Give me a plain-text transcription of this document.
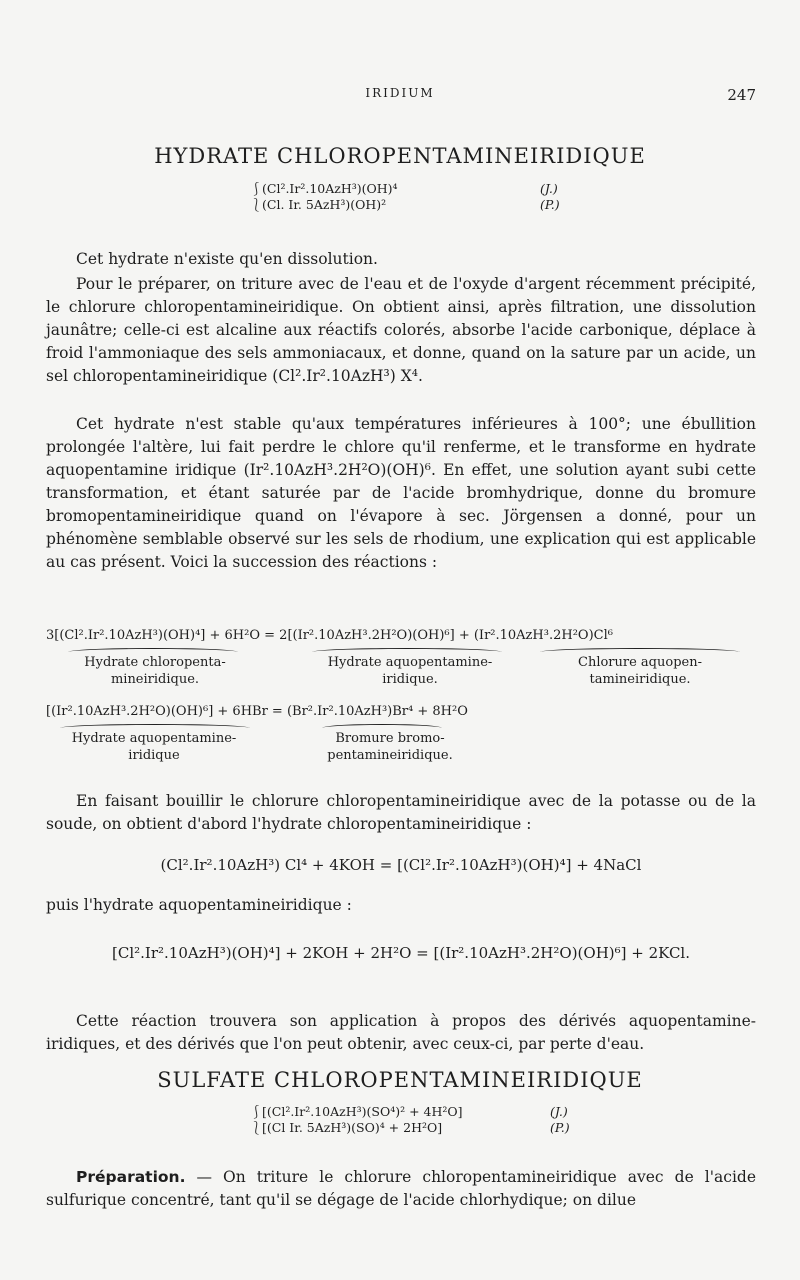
IRIDIUM	247
HYDRATE CHLOROPENTAMINEIRIDIQUE
⎰ (Cl².Ir².10AzH³)(OH)⁴	(J.)
⎱ (Cl. Ir. 5AzH³)(OH)²	(P.)
Cet hydrate n'existe qu'en dissolution.
Pour le préparer, on triture avec de l'eau et de l'oxyde d'argent récemment précipité, le chlorure chloropentamineiridique. On obtient ainsi, après filtration, une dissolution jaunâtre; celle-ci est alcaline aux réactifs colorés, absorbe l'acide carbonique, déplace à froid l'ammoniaque des sels ammoniacaux, et donne, quand on la sature par un acide, un sel chloropentamineiridique (Cl².Ir².10AzH³) X⁴.
Cet hydrate n'est stable qu'aux températures inférieures à 100°; une ébullition prolongée l'altère, lui fait perdre le chlore qu'il renferme, et le transforme en hydrate aquopentamine iridique (Ir².10AzH³.2H²O)(OH)⁶. En effet, une solution ayant subi cette transformation, et étant saturée par de l'acide bromhydrique, donne du bromure bromopentamineiridique quand on l'évapore à sec. Jörgensen a donné, pour un phénomène semblable observé sur les sels de rhodium, une explication qui est applicable au cas présent. Voici la succession des réactions :
3[(Cl².Ir².10AzH³)(OH)⁴] + 6H²O = 2[(Ir².10AzH³.2H²O)(OH)⁶] + (Ir².10AzH³.2H²O)Cl⁶
Hydrate chloropenta-
mineiridique.
Hydrate aquopentamine-
iridique.
Chlorure aquopen-
tamineiridique.
[(Ir².10AzH³.2H²O)(OH)⁶] + 6HBr = (Br².Ir².10AzH³)Br⁴ + 8H²O
Hydrate aquopentamine-
iridique
Bromure bromo-
pentamineiridique.
En faisant bouillir le chlorure chloropentamineiridique avec de la potasse ou de la soude, on obtient d'abord l'hydrate chloropentamineiridique :
(Cl².Ir².10AzH³) Cl⁴ + 4KOH = [(Cl².Ir².10AzH³)(OH)⁴] + 4NaCl
puis l'hydrate aquopentamineiridique :
[Cl².Ir².10AzH³)(OH)⁴] + 2KOH + 2H²O = [(Ir².10AzH³.2H²O)(OH)⁶] + 2KCl.
Cette réaction trouvera son application à propos des dérivés aquopentamine-iridiques, et des dérivés que l'on peut obtenir, avec ceux-ci, par perte d'eau.
SULFATE CHLOROPENTAMINEIRIDIQUE
⎰ [(Cl².Ir².10AzH³)(SO⁴)² + 4H²O]	(J.)
⎱ [(Cl Ir. 5AzH³)(SO)⁴ + 2H²O]	(P.)
Préparation. — On triture le chlorure chloropentamineiridique avec de l'acide sulfurique concentré, tant qu'il se dégage de l'acide chlorhydique; on dilue
